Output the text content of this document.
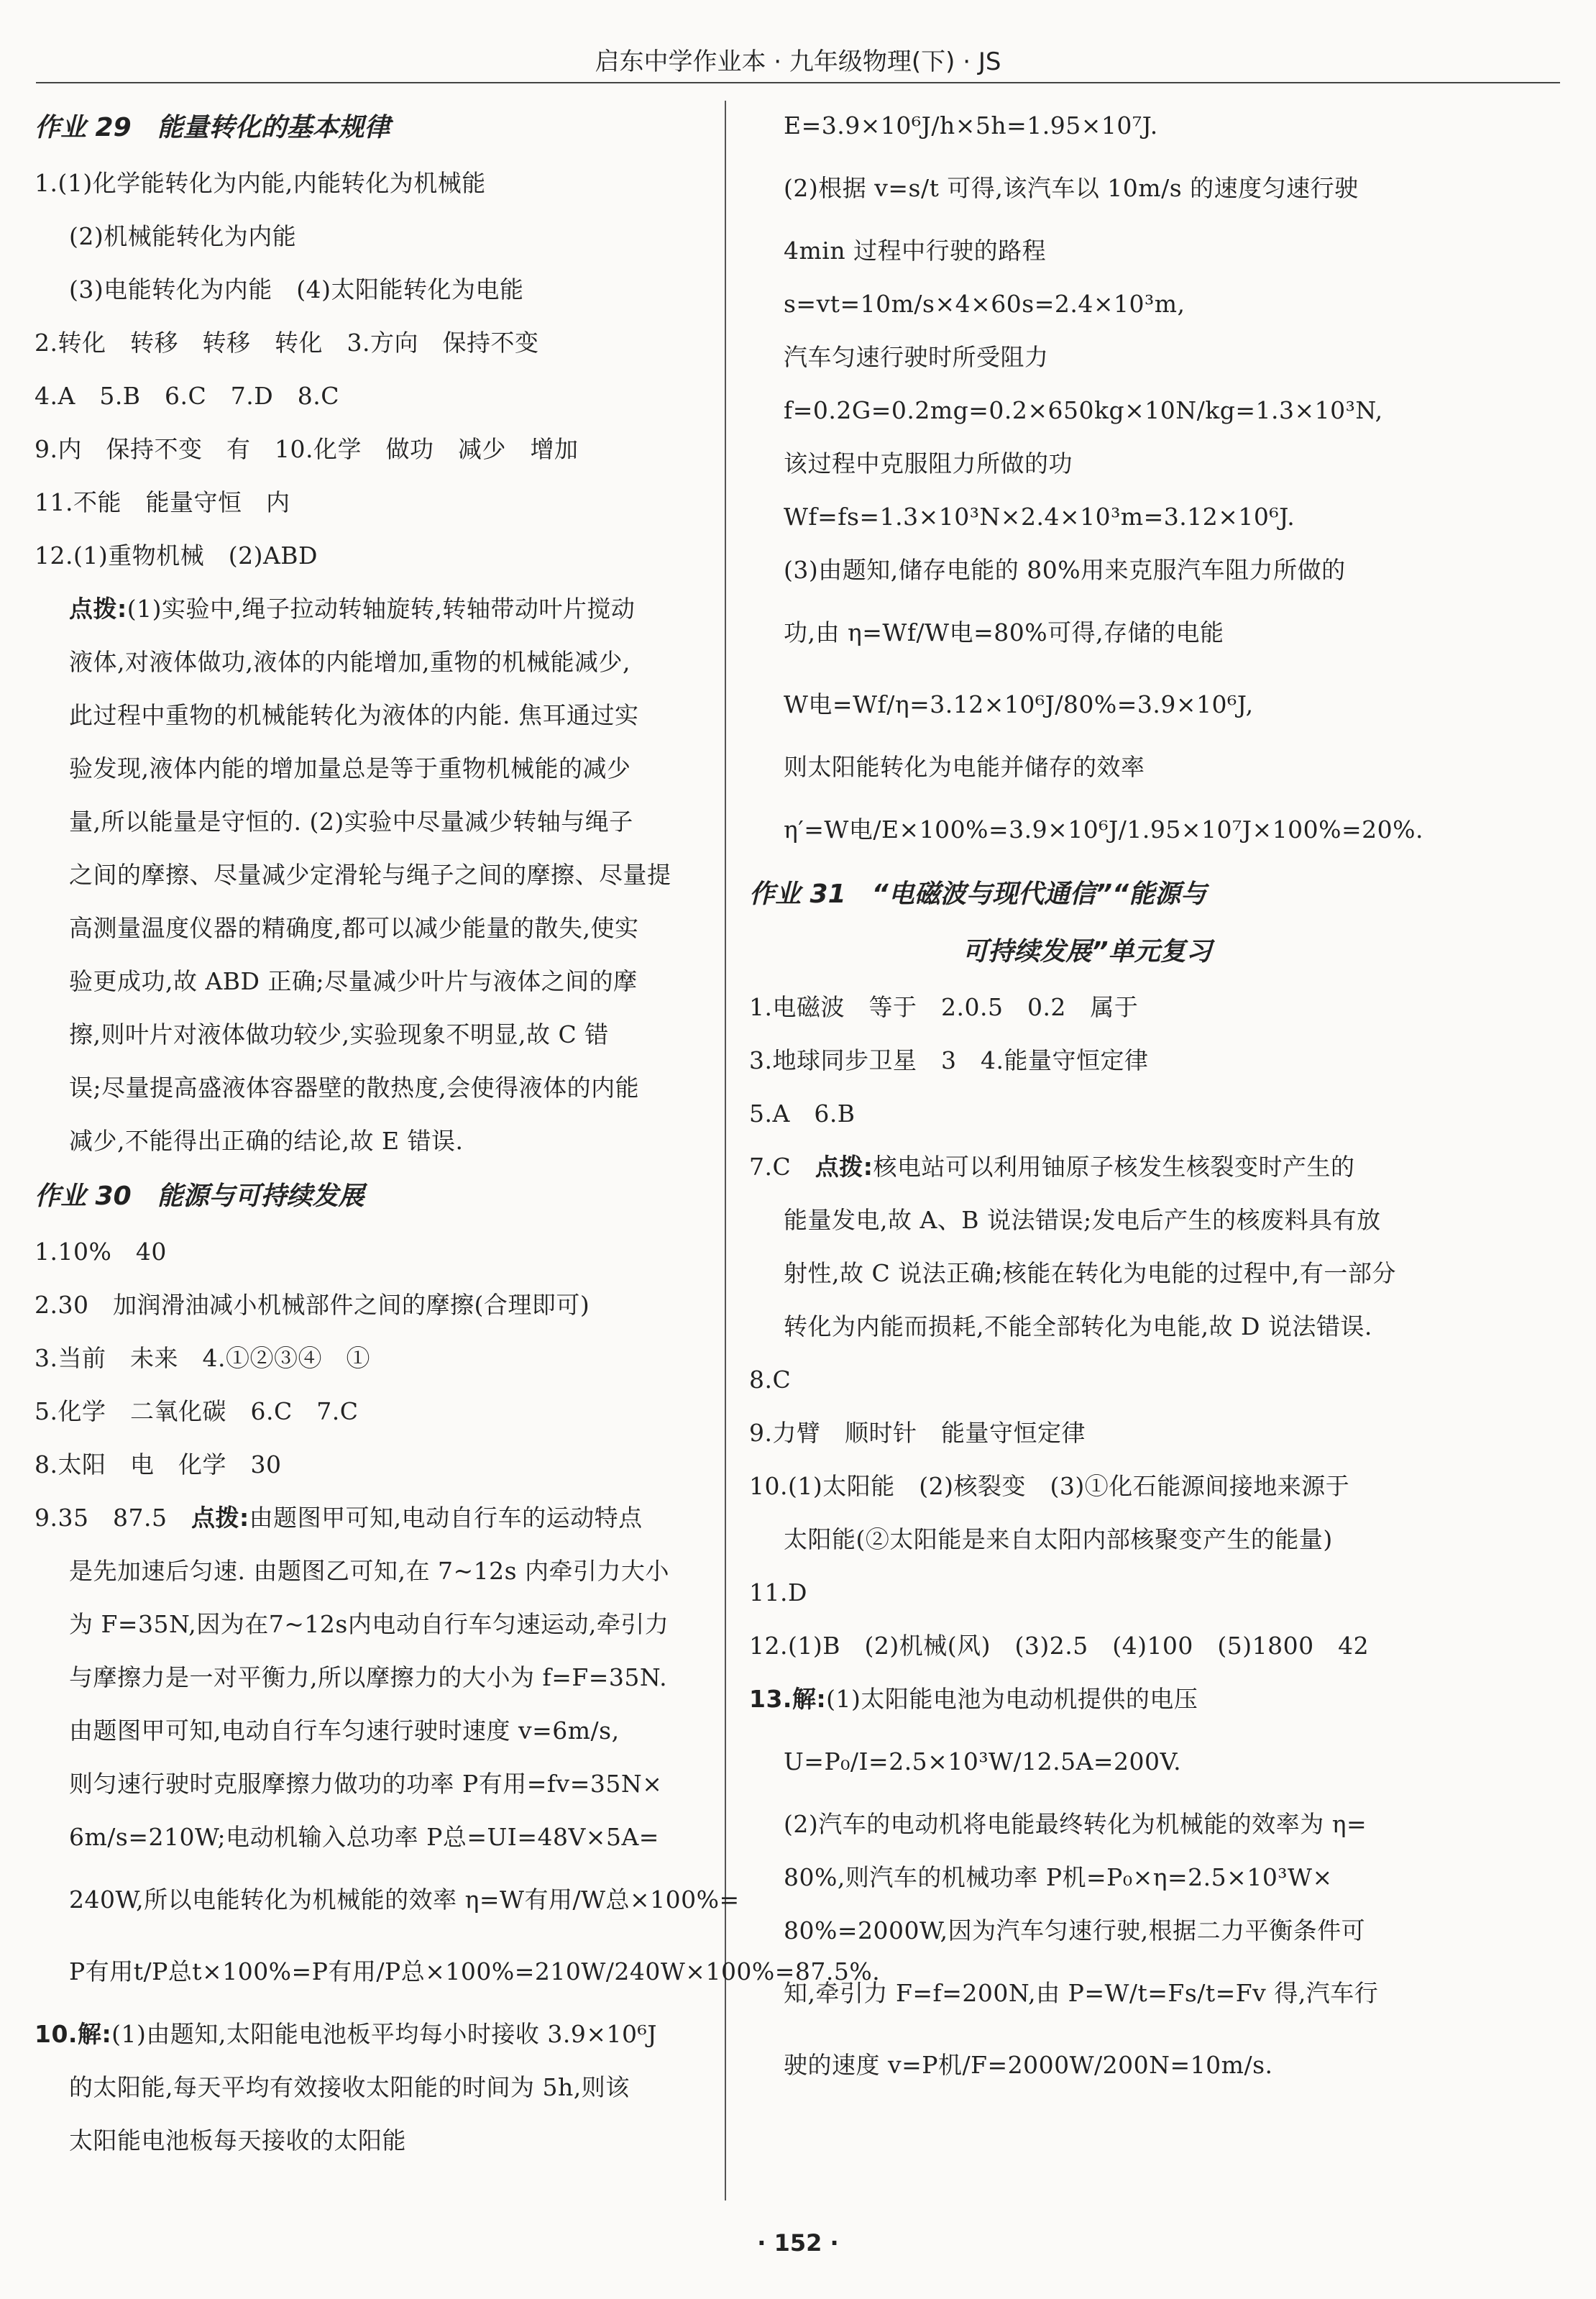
启东中学作业本 · 九年级物理(下) · JS
作业 29 能量转化的基本规律
1.(1)化学能转化为内能,内能转化为机械能
(2)机械能转化为内能
(3)电能转化为内能　(4)太阳能转化为电能
2.转化　转移　转移　转化　3.方向　保持不变
4.A　5.B　6.C　7.D　8.C
9.内　保持不变　有　10.化学　做功　减少　增加
11.不能　能量守恒　内
12.(1)重物机械　(2)ABD
点拨:(1)实验中,绳子拉动转轴旋转,转轴带动叶片搅动
液体,对液体做功,液体的内能增加,重物的机械能减少,
此过程中重物的机械能转化为液体的内能. 焦耳通过实
验发现,液体内能的增加量总是等于重物机械能的减少
量,所以能量是守恒的. (2)实验中尽量减少转轴与绳子
之间的摩擦、尽量减少定滑轮与绳子之间的摩擦、尽量提
高测量温度仪器的精确度,都可以减少能量的散失,使实
验更成功,故 ABD 正确;尽量减少叶片与液体之间的摩
擦,则叶片对液体做功较少,实验现象不明显,故 C 错
误;尽量提高盛液体容器壁的散热度,会使得液体的内能
减少,不能得出正确的结论,故 E 错误.
作业 30 能源与可持续发展
1.10%　40
2.30　加润滑油减小机械部件之间的摩擦(合理即可)
3.当前　未来　4.①②③④　①
5.化学　二氧化碳　6.C　7.C
8.太阳　电　化学　30
9.35　87.5　点拨:由题图甲可知,电动自行车的运动特点
是先加速后匀速. 由题图乙可知,在 7~12s 内牵引力大小
为 F=35N,因为在7~12s内电动自行车匀速运动,牵引力
与摩擦力是一对平衡力,所以摩擦力的大小为 f=F=35N.
由题图甲可知,电动自行车匀速行驶时速度 v=6m/s,
则匀速行驶时克服摩擦力做功的功率 P有用=fv=35N×
6m/s=210W;电动机输入总功率 P总=UI=48V×5A=
240W,所以电能转化为机械能的效率 η=W有用/W总×100%=
P有用t/P总t×100%=P有用/P总×100%=210W/240W×100%=87.5%.
10.解:(1)由题知,太阳能电池板平均每小时接收 3.9×10⁶J
的太阳能,每天平均有效接收太阳能的时间为 5h,则该
太阳能电池板每天接收的太阳能
E=3.9×10⁶J/h×5h=1.95×10⁷J.
(2)根据 v=s/t 可得,该汽车以 10m/s 的速度匀速行驶
4min 过程中行驶的路程
s=vt=10m/s×4×60s=2.4×10³m,
汽车匀速行驶时所受阻力
f=0.2G=0.2mg=0.2×650kg×10N/kg=1.3×10³N,
该过程中克服阻力所做的功
Wf=fs=1.3×10³N×2.4×10³m=3.12×10⁶J.
(3)由题知,储存电能的 80%用来克服汽车阻力所做的
功,由 η=Wf/W电=80%可得,存储的电能
W电=Wf/η=3.12×10⁶J/80%=3.9×10⁶J,
则太阳能转化为电能并储存的效率
η′=W电/E×100%=3.9×10⁶J/1.95×10⁷J×100%=20%.
作业 31 “电磁波与现代通信”“能源与
可持续发展”单元复习
1.电磁波　等于　2.0.5　0.2　属于
3.地球同步卫星　3　4.能量守恒定律
5.A　6.B
7.C　点拨:核电站可以利用铀原子核发生核裂变时产生的
能量发电,故 A、B 说法错误;发电后产生的核废料具有放
射性,故 C 说法正确;核能在转化为电能的过程中,有一部分
转化为内能而损耗,不能全部转化为电能,故 D 说法错误.
8.C
9.力臂　顺时针　能量守恒定律
10.(1)太阳能　(2)核裂变　(3)①化石能源间接地来源于
太阳能(②太阳能是来自太阳内部核聚变产生的能量)
11.D
12.(1)B　(2)机械(风)　(3)2.5　(4)100　(5)1800　42
13.解:(1)太阳能电池为电动机提供的电压
U=P₀/I=2.5×10³W/12.5A=200V.
(2)汽车的电动机将电能最终转化为机械能的效率为 η=
80%,则汽车的机械功率 P机=P₀×η=2.5×10³W×
80%=2000W,因为汽车匀速行驶,根据二力平衡条件可
知,牵引力 F=f=200N,由 P=W/t=Fs/t=Fv 得,汽车行
驶的速度 v=P机/F=2000W/200N=10m/s.
· 152 ·
